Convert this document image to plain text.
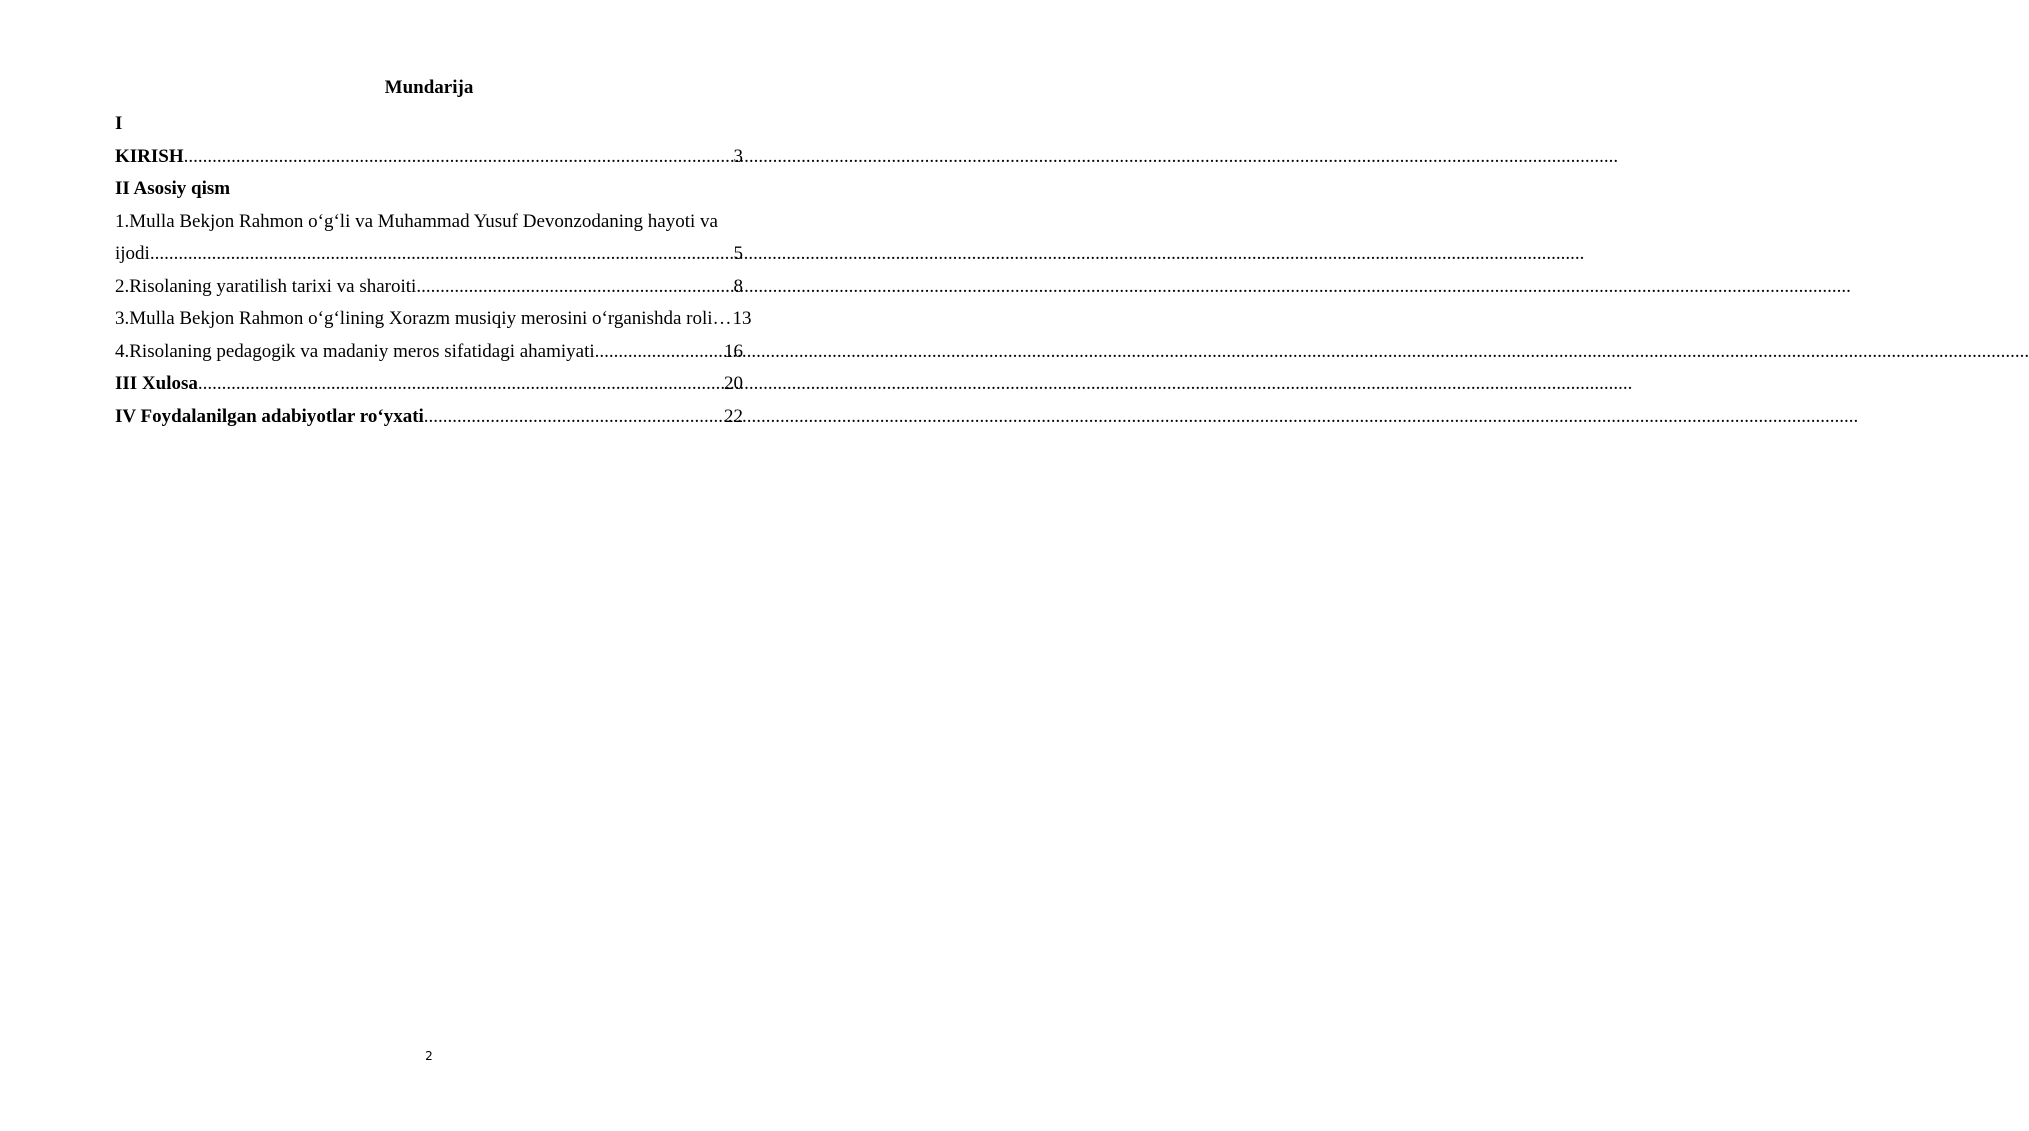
Mundarija
I
KIRISH .....	3
II Asosiy qism
1.Mulla Bekjon Rahmon o‘g‘li va Muhammad Yusuf Devonzodaning hayoti va
ijodi .....	5
2.Risolaning yaratilish tarixi va sharoiti .....	8
3.Mulla Bekjon Rahmon o‘g‘lining Xorazm musiqiy merosini o‘rganishda roli… 13
4.Risolaning pedagogik va madaniy meros sifatidagi ahamiyati .....	16
III Xulosa .....	20
IV Foydalanilgan adabiyotlar ro‘yxati .....	22
2
